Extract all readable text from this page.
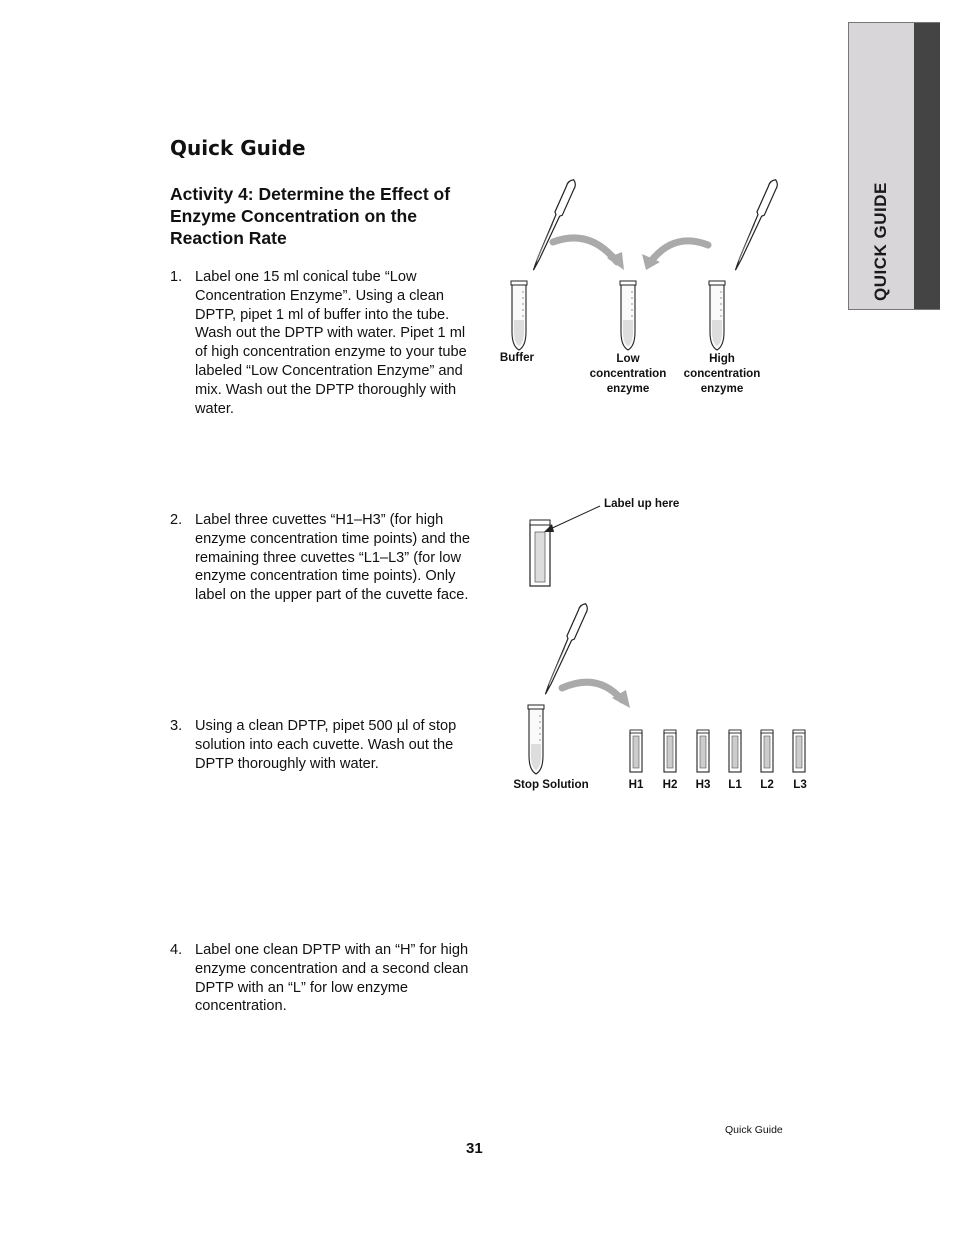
QUICK GUIDE
Quick Guide
Activity 4: Determine the Effect of Enzyme Concentration on the Reaction Rate
1. Label one 15 ml conical tube “Low Concentration Enzyme”. Using a clean DPTP, pipet 1 ml of buffer into the tube. Wash out the DPTP with water. Pipet 1 ml of high concentration enzyme to your tube labeled “Low Concentration Enzyme” and mix. Wash out the DPTP thoroughly with water.
2. Label three cuvettes “H1–H3” (for high enzyme concentration time points) and the remaining three cuvettes “L1–L3” (for low enzyme concentration time points). Only label on the upper part of the cuvette face.
3. Using a clean DPTP, pipet 500 µl of stop solution into each cuvette. Wash out the DPTP thoroughly with water.
4. Label one clean DPTP with an “H” for high enzyme concentration and a second clean DPTP with an “L” for low enzyme concentration.
Buffer	Low
concentration
enzyme
High
concentration
enzyme
Label up here
Stop Solution	H1	H2	H3	L1	L2	L3
Quick Guide
31
